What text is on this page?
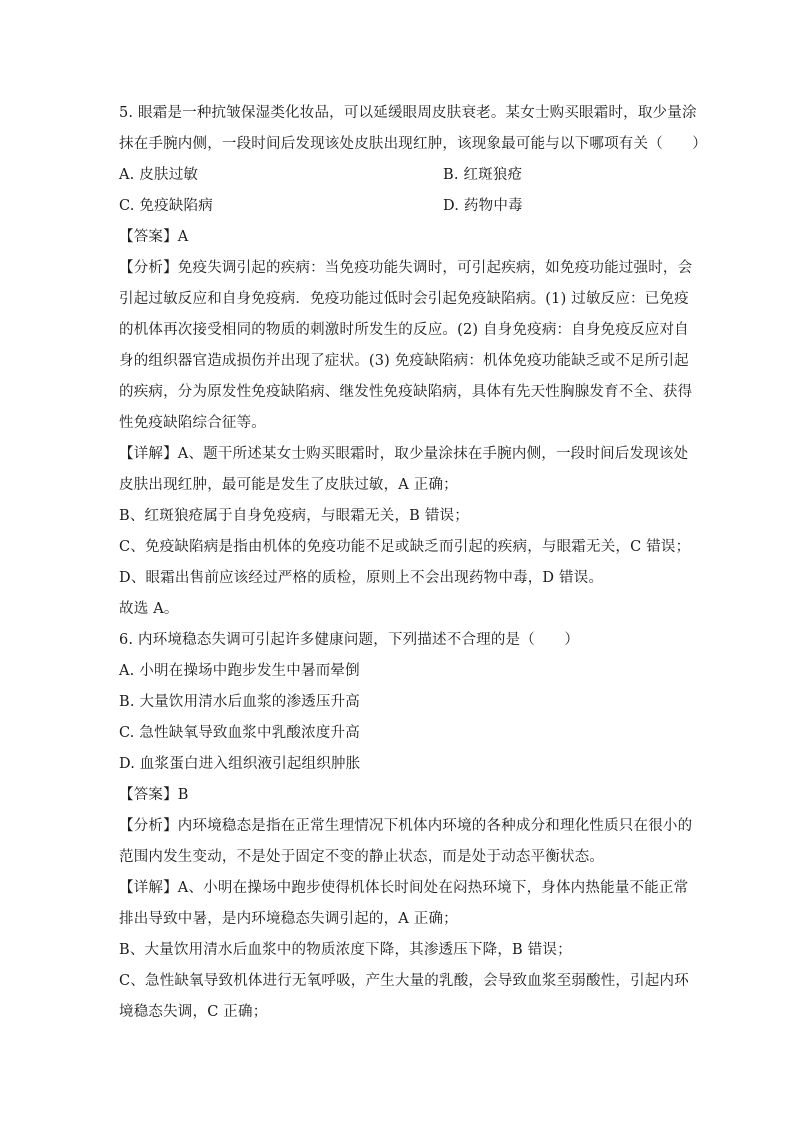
5. 眼霜是一种抗皱保湿类化妆品，可以延缓眼周皮肤衰老。某女士购买眼霜时，取少量涂
抹在手腕内侧，一段时间后发现该处皮肤出现红肿，该现象最可能与以下哪项有关（　　）
A. 皮肤过敏	B. 红斑狼疮
C. 免疫缺陷病	D. 药物中毒
【答案】A
【分析】免疫失调引起的疾病：当免疫功能失调时，可引起疾病，如免疫功能过强时，会
引起过敏反应和自身免疫病．免疫功能过低时会引起免疫缺陷病。(1) 过敏反应：已免疫
的机体再次接受相同的物质的刺激时所发生的反应。(2) 自身免疫病：自身免疫反应对自
身的组织器官造成损伤并出现了症状。(3) 免疫缺陷病：机体免疫功能缺乏或不足所引起
的疾病，分为原发性免疫缺陷病、继发性免疫缺陷病，具体有先天性胸腺发育不全、获得
性免疫缺陷综合征等。
【详解】A、题干所述某女士购买眼霜时，取少量涂抹在手腕内侧，一段时间后发现该处
皮肤出现红肿，最可能是发生了皮肤过敏，A 正确；
B、红斑狼疮属于自身免疫病，与眼霜无关，B 错误；
C、免疫缺陷病是指由机体的免疫功能不足或缺乏而引起的疾病，与眼霜无关，C 错误；
D、眼霜出售前应该经过严格的质检，原则上不会出现药物中毒，D 错误。
故选 A。
6. 内环境稳态失调可引起许多健康问题，下列描述不合理的是（　　）
A. 小明在操场中跑步发生中暑而晕倒
B. 大量饮用清水后血浆的渗透压升高
C. 急性缺氧导致血浆中乳酸浓度升高
D. 血浆蛋白进入组织液引起组织肿胀
【答案】B
【分析】内环境稳态是指在正常生理情况下机体内环境的各种成分和理化性质只在很小的
范围内发生变动，不是处于固定不变的静止状态，而是处于动态平衡状态。
【详解】A、小明在操场中跑步使得机体长时间处在闷热环境下，身体内热能量不能正常
排出导致中暑，是内环境稳态失调引起的，A 正确；
B、大量饮用清水后血浆中的物质浓度下降，其渗透压下降，B 错误；
C、急性缺氧导致机体进行无氧呼吸，产生大量的乳酸，会导致血浆至弱酸性，引起内环
境稳态失调，C 正确；
